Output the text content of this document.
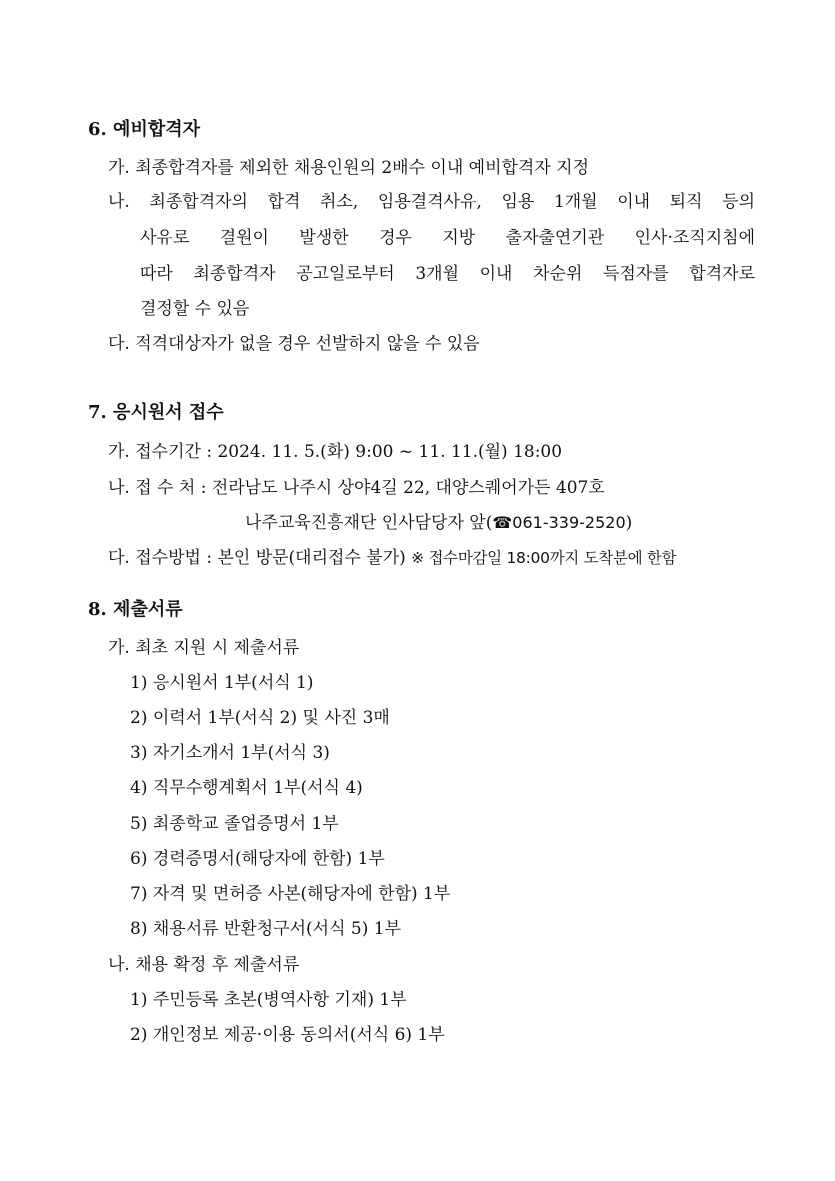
6. 예비합격자
가. 최종합격자를 제외한 채용인원의 2배수 이내 예비합격자 지정
나. 최종합격자의 합격 취소, 임용결격사유, 임용 1개월 이내 퇴직 등의
사유로 결원이 발생한 경우 지방 출자출연기관 인사·조직지침에
따라 최종합격자 공고일로부터 3개월 이내 차순위 득점자를 합격자로
결정할 수 있음
다. 적격대상자가 없을 경우 선발하지 않을 수 있음
7. 응시원서 접수
가. 접수기간 : 2024. 11. 5.(화) 9:00 ~ 11. 11.(월) 18:00
나. 접 수 처 : 전라남도 나주시 상야4길 22, 대양스퀘어가든 407호
나주교육진흥재단 인사담당자 앞(☎061-339-2520)
다. 접수방법 : 본인 방문(대리접수 불가) ※ 접수마감일 18:00까지 도착분에 한함
8. 제출서류
가. 최초 지원 시 제출서류
1) 응시원서 1부(서식 1)
2) 이력서 1부(서식 2) 및 사진 3매
3) 자기소개서 1부(서식 3)
4) 직무수행계획서 1부(서식 4)
5) 최종학교 졸업증명서 1부
6) 경력증명서(해당자에 한함) 1부
7) 자격 및 면허증 사본(해당자에 한함) 1부
8) 채용서류 반환청구서(서식 5) 1부
나. 채용 확정 후 제출서류
1) 주민등록 초본(병역사항 기재) 1부
2) 개인정보 제공·이용 동의서(서식 6) 1부
